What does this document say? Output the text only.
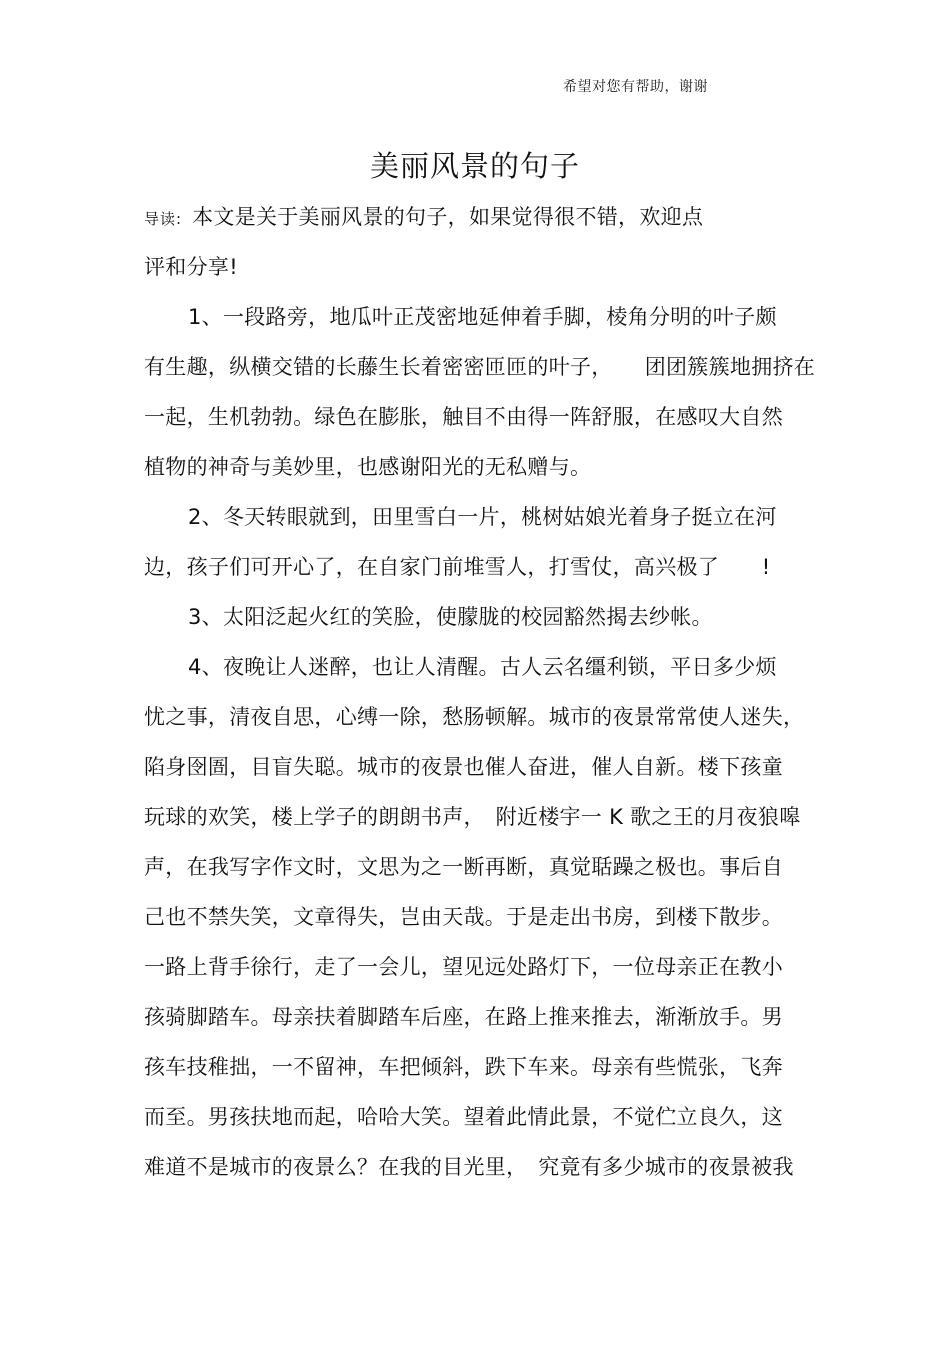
希望对您有帮助，谢谢
美丽风景的句子
导读: 本文是关于美丽风景的句子，如果觉得很不错，欢迎点
评和分享!
1、一段路旁，地瓜叶正茂密地延伸着手脚，棱角分明的叶子颇
有生趣，纵横交错的长藤生长着密密匝匝的叶子，　　团团簇簇地拥挤在
一起，生机勃勃。绿色在膨胀，触目不由得一阵舒服，在感叹大自然
植物的神奇与美妙里，也感谢阳光的无私赠与。
2、冬天转眼就到，田里雪白一片，桃树姑娘光着身子挺立在河
边，孩子们可开心了，在自家门前堆雪人，打雪仗，高兴极了　　!
3、太阳泛起火红的笑脸，使朦胧的校园豁然揭去纱帐。
4、夜晚让人迷醉，也让人清醒。古人云名缰利锁，平日多少烦
忧之事，清夜自思，心缚一除，愁肠顿解。城市的夜景常常使人迷失，
陷身囹圄，目盲失聪。城市的夜景也催人奋进，催人自新。楼下孩童
玩球的欢笑，楼上学子的朗朗书声，　附近楼宇一 K 歌之王的月夜狼嗥
声，在我写字作文时，文思为之一断再断，真觉聒躁之极也。事后自
己也不禁失笑，文章得失，岂由天哉。于是走出书房，到楼下散步。
一路上背手徐行，走了一会儿，望见远处路灯下，一位母亲正在教小
孩骑脚踏车。母亲扶着脚踏车后座，在路上推来推去，渐渐放手。男
孩车技稚拙，一不留神，车把倾斜，跌下车来。母亲有些慌张，飞奔
而至。男孩扶地而起，哈哈大笑。望着此情此景，不觉伫立良久，这
难道不是城市的夜景么？在我的目光里，　究竟有多少城市的夜景被我
